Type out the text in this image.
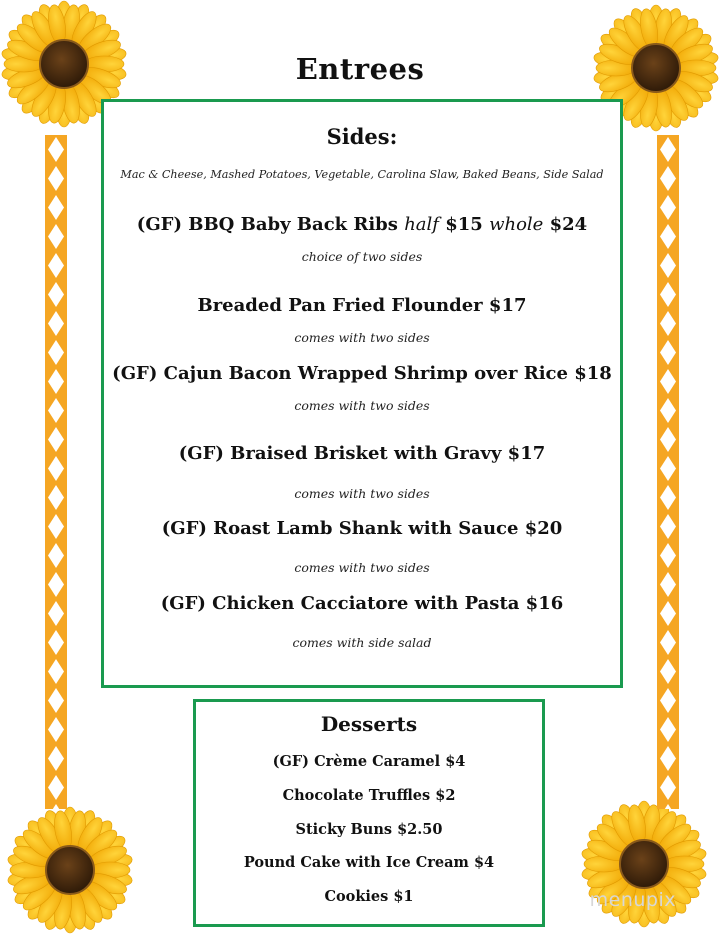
Entrees
Sides:
Mac & Cheese, Mashed Potatoes, Vegetable, Carolina Slaw, Baked Beans, Side Salad
(GF) BBQ Baby Back Ribs half $15 whole $24
choice of two sides
Breaded Pan Fried Flounder $17
comes with two sides
(GF) Cajun Bacon Wrapped Shrimp over Rice $18
comes with two sides
(GF) Braised Brisket with Gravy $17
comes with two sides
(GF) Roast Lamb Shank with Sauce $20
comes with two sides
(GF) Chicken Cacciatore with Pasta $16
comes with side salad
Desserts
(GF) Crème Caramel $4
Chocolate Truffles $2
Sticky Buns $2.50
Pound Cake with Ice Cream $4
Cookies $1	menupix
